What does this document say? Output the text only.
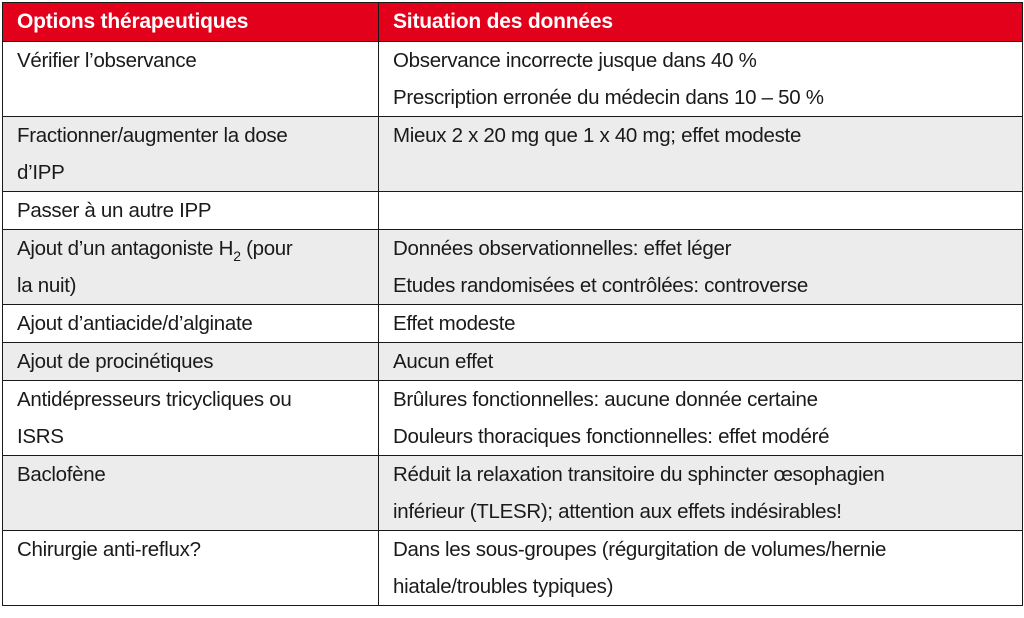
Options thérapeutiques	Situation des données

Vérifier l’observance	Observance incorrecte jusque dans 40 %
Prescription erronée du médecin dans 10 – 50 %

Fractionner/augmenter la dose
d’IPP	Mieux 2 x 20 mg que 1 x 40 mg; effet modeste

Passer à un autre IPP	

Ajout d’un antagoniste $H_2$ (pour
la nuit)	Données observationnelles: effet léger
Etudes randomisées et contrôlées: controverse

Ajout d’antiacide/d’alginate	Effet modeste

Ajout de procinétiques	Aucun effet

Antidépresseurs tricycliques ou
ISRS	Brûlures fonctionnelles: aucune donnée certaine
Douleurs thoraciques fonctionnelles: effet modéré

Baclofène	Réduit la relaxation transitoire du sphincter œsophagien
inférieur (TLESR); attention aux effets indésirables!

Chirurgie anti-reflux?	Dans les sous-groupes (régurgitation de volumes/hernie
hiatale/troubles typiques)
